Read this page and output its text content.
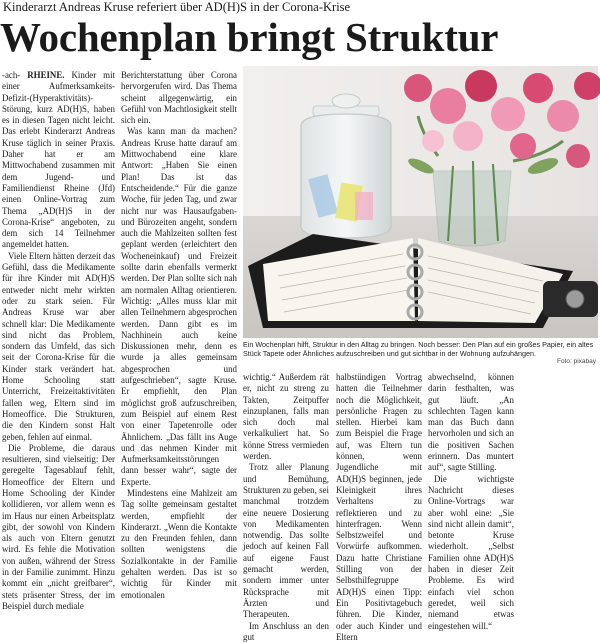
Kinderarzt Andreas Kruse referiert über AD(H)S in der Corona-Krise
Wochenplan bringt Struktur

-ach- RHEINE. Kinder mit einer Aufmerksamkeits-Defizit-(Hyperaktivitäts)-Störung, kurz AD(H)S, haben es in diesen Tagen nicht leicht. Das erlebt Kinderarzt Andreas Kruse täglich in seiner Praxis. Daher hat er am Mittwochabend zusammen mit dem Jugend- und Familiendienst Rheine (Jfd) einen Online-Vortrag zum Thema „AD(H)S in der Corona-Krise“ angeboten, zu dem sich 14 Teilnehmer angemeldet hatten.

Viele Eltern hätten derzeit das Gefühl, dass die Medikamente für ihre Kinder mit AD(H)S entweder nicht mehr wirkten oder zu stark seien. Für Andreas Kruse war aber schnell klar: Die Medikamente sind nicht das Problem, sondern das Umfeld, das sich seit der Corona-Krise für die Kinder stark verändert hat. Home Schooling statt Unterricht, Freizeitaktivitäten fallen weg, Eltern sind im Homeoffice. Die Strukturen, die den Kindern sonst Halt geben, fehlen auf einmal.

Die Probleme, die daraus resultieren, sind vielseitig: Der geregelte Tagesablauf fehlt, Homeoffice der Eltern und Home Schooling der Kinder kollidieren, vor allem wenn es im Haus nur einen Arbeitsplatz gibt, der sowohl von Kindern als auch von Eltern genutzt wird. Es fehle die Motivation von außen, während der Stress in der Familie zunimmt. Hinzu kommt ein „nicht greifbarer“, stets präsenter Stress, der im Beispiel durch mediale

Berichterstattung über Corona hervorgerufen wird. Das Thema scheint allgegenwärtig, ein Gefühl von Machtlosigkeit stellt sich ein.

Was kann man da machen? Andreas Kruse hatte darauf am Mittwochabend eine klare Antwort: „Haben Sie einen Plan! Das ist das Entscheidende.“ Für die ganze Woche, für jeden Tag, und zwar nicht nur was Hausaufgaben- und Bürozeiten angeht, sondern auch die Mahlzeiten sollten fest geplant werden (erleichtert den Wocheneinkauf) und Freizeit sollte darin ebenfalls vermerkt werden. Der Plan sollte sich nah am normalen Alltag orientieren. Wichtig: „Alles muss klar mit allen Teilnehmern abgesprochen werden. Dann gibt es im Nachhinein auch keine Diskussionen mehr, denn es wurde ja alles gemeinsam abgesprochen und aufgeschrieben“, sagte Kruse. Er empfiehlt, den Plan möglichst groß aufzuschreiben, zum Beispiel auf einem Rest von einer Tapetenrolle oder Ähnlichem. „Das fällt ins Auge und das nehmen Kinder mit Aufmerksamkeitsstörungen dann besser wahr“, sagte der Experte.

Mindestens eine Mahlzeit am Tag sollte gemeinsam gestaltet werden, empfiehlt der Kinderarzt. „Wenn die Kontakte zu den Freunden fehlen, dann sollten wenigstens die Sozialkontakte in der Familie gehalten werden. Das ist so wichtig für Kinder mit emotionalen

Ein Wochenplan hilft, Struktur in den Alltag zu bringen. Noch besser: Den Plan auf ein großes Papier, ein altes Stück Tapete oder Ähnliches aufzuschreiben und gut sichtbar in der Wohnung aufzuhängen.
Foto: pixabay

wichtig.“ Außerdem rät er, nicht zu streng zu Takten, Zeitpuffer einzuplanen, falls man sich doch mal verkalkuliert hat. So könne Stress vermieden werden.

Trotz aller Planung und Bemühung, Strukturen zu geben, sei manchmal trotzdem eine neuere Dosierung von Medikamenten notwendig. Das sollte jedoch auf keinen Fall auf eigene Faust gemacht werden, sondern immer unter Rücksprache mit Ärzten und Therapeuten.

Im Anschluss an den gut

halbstündigen Vortrag hatten die Teilnehmer noch die Möglichkeit, persönliche Fragen zu stellen. Hierbei kam zum Beispiel die Frage auf, was Eltern tun können, wenn Jugendliche mit AD(H)S beginnen, jede Kleinigkeit ihres Verhaltens zu reflektieren und zu hinterfragen. Wenn Selbstzweifel und Vorwürfe aufkommen. Dazu hatte Christiane Stilling von der Selbsthilfegruppe AD(H)S einen Tipp: Ein Positivtagebuch führen. Die Kinder, oder auch Kinder und Eltern

abwechselnd, können darin festhalten, was gut läuft. „An schlechten Tagen kann man das Buch dann hervorholen und sich an die positiven Sachen erinnern. Das muntert auf“, sagte Stilling.

Die wichtigste Nachricht dieses Online-Vortrags war aber wohl eine: „Sie sind nicht allein damit“, betonte Kruse wiederholt. „Selbst Familien ohne AD(H)S haben in dieser Zeit Probleme. Es wird einfach viel schon geredet, weil sich niemand etwas eingestehen will.“
